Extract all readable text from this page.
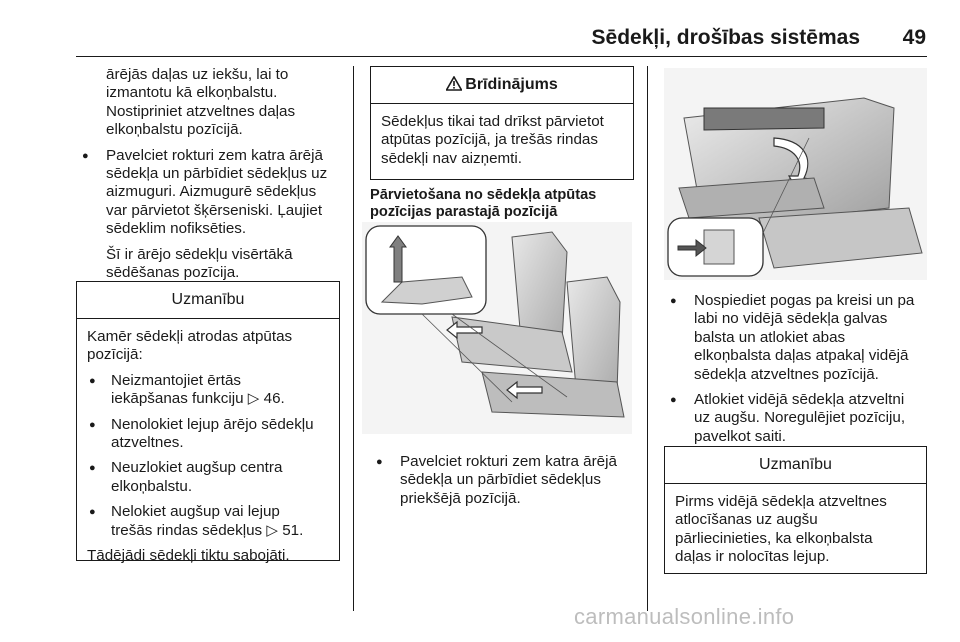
Sēdekļi, drošības sistēmas	49

ārējās daļas uz iekšu, lai to

izmantotu kā elkoņbalstu.

Nostipriniet atzveltnes daļas

elkoņbalstu pozīcijā.

● Pavelciet rokturi zem katra ārējā
sēdekļa un pārbīdiet sēdekļus uz
aizmuguri. Aizmugurē sēdekļus
var pārvietot šķērseniski. Ļaujiet
sēdeklim nofiksēties.

Šī ir ārējo sēdekļu visērtākā

sēdēšanas pozīcija.

Uzmanību

Kamēr sēdekļi atrodas atpūtas

pozīcijā:

● Neizmantojiet ērtās
iekāpšanas funkciju ▷ 46.
● Nenolokiet lejup ārējo sēdekļu
atzveltnes.
● Neuzlokiet augšup centra
elkoņbalstu.
● Nelokiet augšup vai lejup
trešās rindas sēdekļus ▷ 51.

Tādējādi sēdekļi tiktu sabojāti.

Brīdinājums

Sēdekļus tikai tad drīkst pārvietot

atpūtas pozīcijā, ja trešās rindas

sēdekļi nav aizņemti.

Pārvietošana no sēdekļa atpūtas

pozīcijas parastajā pozīcijā

● Pavelciet rokturi zem katra ārējā
sēdekļa un pārbīdiet sēdekļus
priekšējā pozīcijā.
● Nospiediet pogas pa kreisi un pa
labi no vidējā sēdekļa galvas
balsta un atlokiet abas
elkoņbalsta daļas atpakaļ vidējā
sēdekļa atzveltnes pozīcijā.
● Atlokiet vidējā sēdekļa atzveltni
uz augšu. Noregulējiet pozīciju,
pavelkot saiti.
Uzmanību

Pirms vidējā sēdekļa atzveltnes

atlocīšanas uz augšu

pārliecinieties, ka elkoņbalsta

daļas ir nolocītas lejup.

carmanualsonline.info
